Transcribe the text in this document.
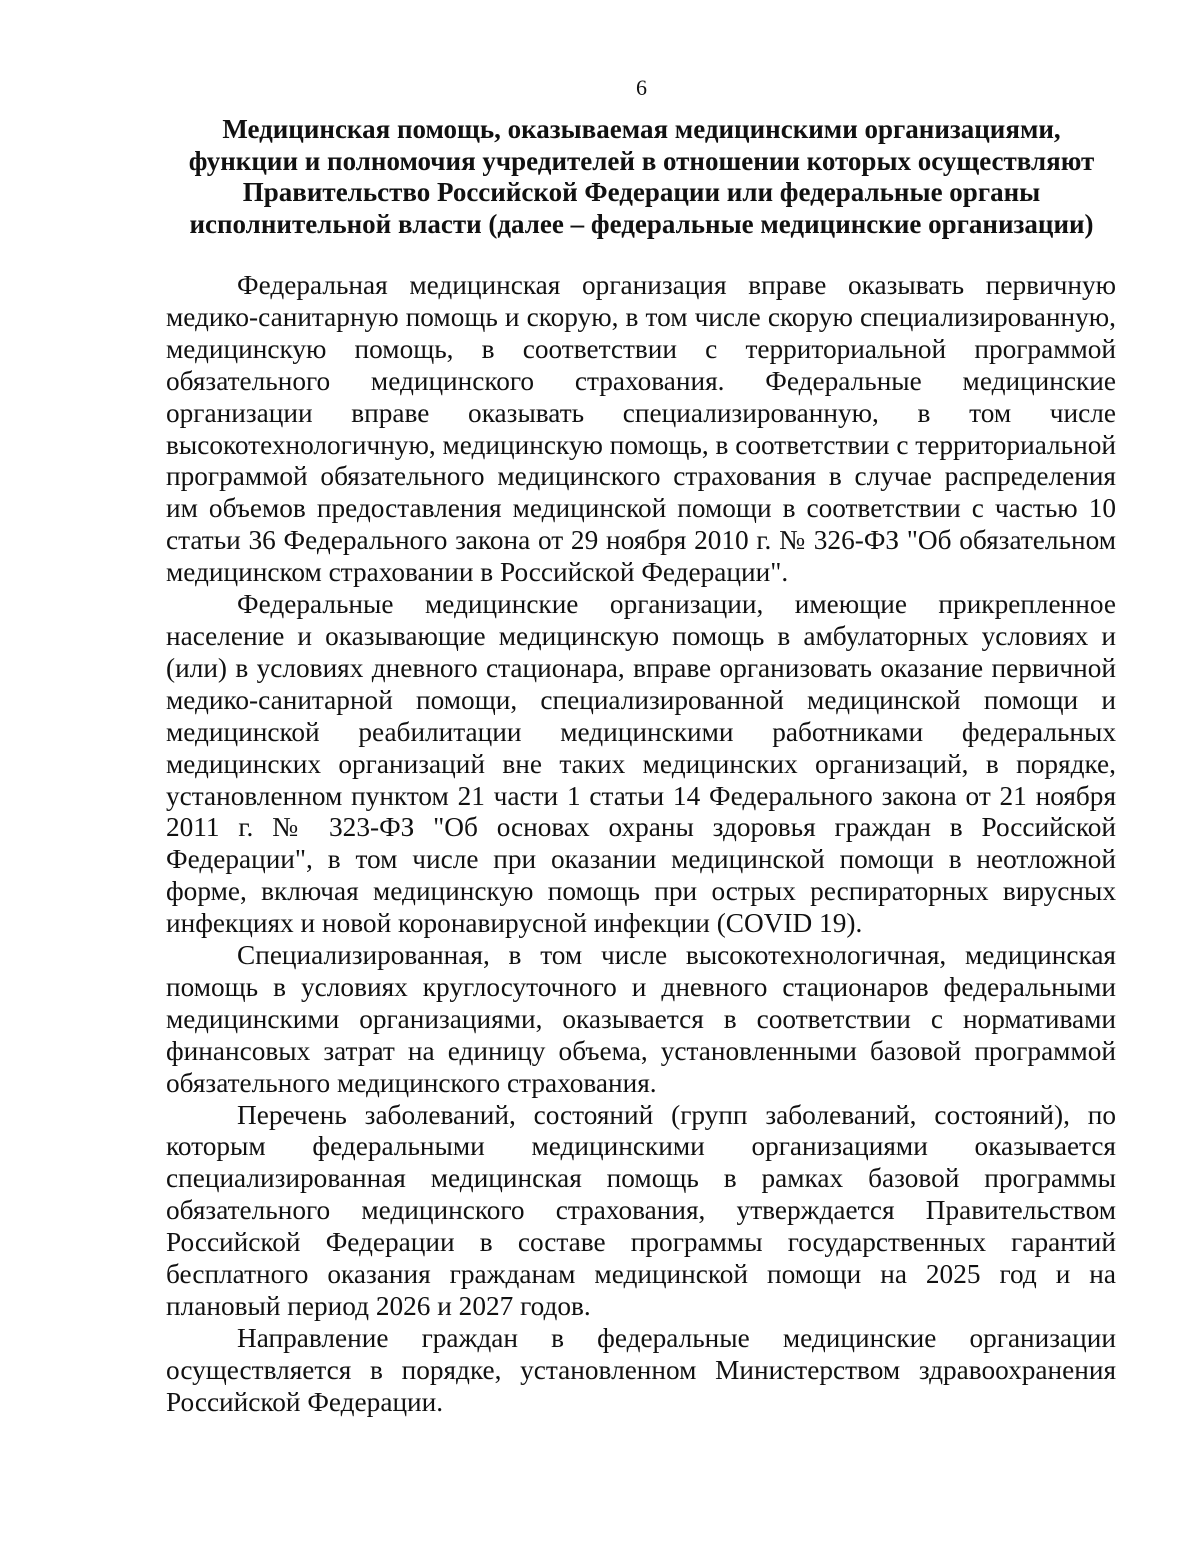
6
Медицинская помощь, оказываемая медицинскими организациями,
функции и полномочия учредителей в отношении которых осуществляют
Правительство Российской Федерации или федеральные органы
исполнительной власти (далее – федеральные медицинские организации)

Федеральная медицинская организация вправе оказывать первичную медико-санитарную помощь и скорую, в том числе скорую специализированную, медицинскую помощь, в соответствии с территориальной программой обязательного медицинского страхования. Федеральные медицинские организации вправе оказывать специализированную, в том числе высокотехнологичную, медицинскую помощь, в соответствии с территориальной программой обязательного медицинского страхования в случае распределения им объемов предоставления медицинской помощи в соответствии с частью 10 статьи 36 Федерального закона от 29 ноября 2010 г. № 326-ФЗ "Об обязательном медицинском страховании в Российской Федерации".

Федеральные медицинские организации, имеющие прикрепленное население и оказывающие медицинскую помощь в амбулаторных условиях и (или) в условиях дневного стационара, вправе организовать оказание первичной медико-санитарной помощи, специализированной медицинской помощи и медицинской реабилитации медицинскими работниками федеральных медицинских организаций вне таких медицинских организаций, в порядке, установленном пунктом 21 части 1 статьи 14 Федерального закона от 21 ноября 2011 г. № 323-ФЗ "Об основах охраны здоровья граждан в Российской Федерации", в том числе при оказании медицинской помощи в неотложной форме, включая медицинскую помощь при острых респираторных вирусных инфекциях и новой коронавирусной инфекции (COVID 19).

Специализированная, в том числе высокотехнологичная, медицинская помощь в условиях круглосуточного и дневного стационаров федеральными медицинскими организациями, оказывается в соответствии с нормативами финансовых затрат на единицу объема, установленными базовой программой обязательного медицинского страхования.

Перечень заболеваний, состояний (групп заболеваний, состояний), по которым федеральными медицинскими организациями оказывается специализированная медицинская помощь в рамках базовой программы обязательного медицинского страхования, утверждается Правительством Российской Федерации в составе программы государственных гарантий бесплатного оказания гражданам медицинской помощи на 2025 год и на плановый период 2026 и 2027 годов.

Направление граждан в федеральные медицинские организации осуществляется в порядке, установленном Министерством здравоохранения Российской Федерации.
